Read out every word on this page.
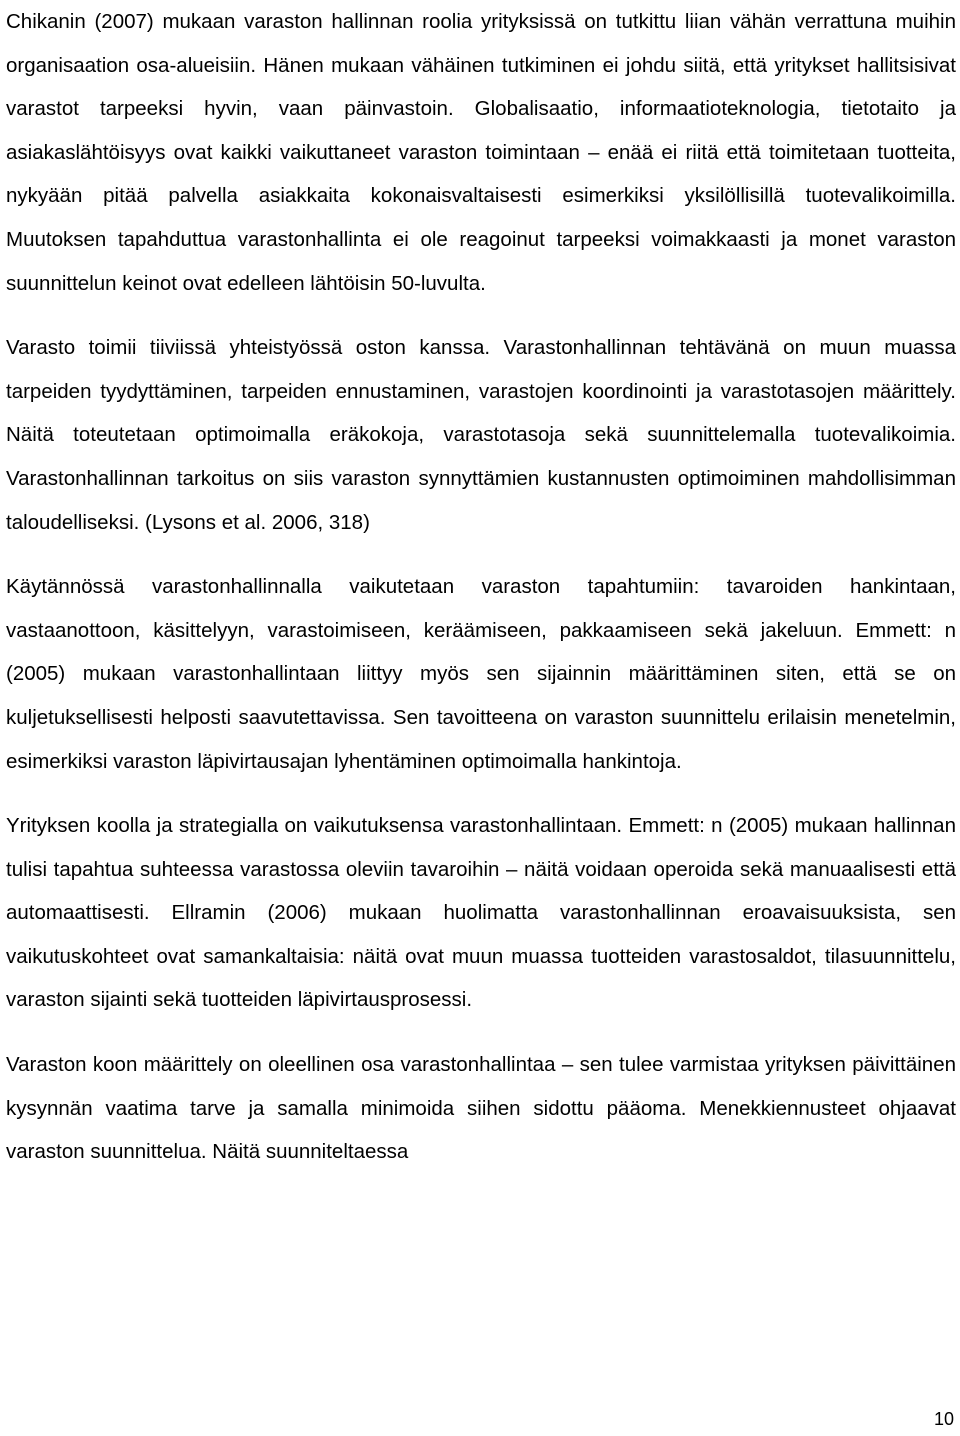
Chikanin (2007) mukaan varaston hallinnan roolia yrityksissä on tutkittu liian vähän verrattuna muihin organisaation osa-alueisiin. Hänen mukaan vähäinen tutkiminen ei johdu siitä, että yritykset hallitsisivat varastot tarpeeksi hyvin, vaan päinvastoin. Globalisaatio, informaatioteknologia, tietotaito ja asiakaslähtöisyys ovat kaikki vaikuttaneet varaston toimintaan – enää ei riitä että toimitetaan tuotteita, nykyään pitää palvella asiakkaita kokonaisvaltaisesti esimerkiksi yksilöllisillä tuotevalikoimilla. Muutoksen tapahduttua varastonhallinta ei ole reagoinut tarpeeksi voimakkaasti ja monet varaston suunnittelun keinot ovat edelleen lähtöisin 50-luvulta.

Varasto toimii tiiviissä yhteistyössä oston kanssa. Varastonhallinnan tehtävänä on muun muassa tarpeiden tyydyttäminen, tarpeiden ennustaminen, varastojen koordinointi ja varastotasojen määrittely. Näitä toteutetaan optimoimalla eräkokoja, varastotasoja sekä suunnittelemalla tuotevalikoimia. Varastonhallinnan tarkoitus on siis varaston synnyttämien kustannusten optimoiminen mahdollisimman taloudelliseksi. (Lysons et al. 2006, 318)

Käytännössä varastonhallinnalla vaikutetaan varaston tapahtumiin: tavaroiden hankintaan, vastaanottoon, käsittelyyn, varastoimiseen, keräämiseen, pakkaamiseen sekä jakeluun. Emmett: n (2005) mukaan varastonhallintaan liittyy myös sen sijainnin määrittäminen siten, että se on kuljetuksellisesti helposti saavutettavissa. Sen tavoitteena on varaston suunnittelu erilaisin menetelmin, esimerkiksi varaston läpivirtausajan lyhentäminen optimoimalla hankintoja.

Yrityksen koolla ja strategialla on vaikutuksensa varastonhallintaan. Emmett: n (2005) mukaan hallinnan tulisi tapahtua suhteessa varastossa oleviin tavaroihin – näitä voidaan operoida sekä manuaalisesti että automaattisesti. Ellramin (2006) mukaan huolimatta varastonhallinnan eroavaisuuksista, sen vaikutuskohteet ovat samankaltaisia: näitä ovat muun muassa tuotteiden varastosaldot, tilasuunnittelu, varaston sijainti sekä tuotteiden läpivirtausprosessi.

Varaston koon määrittely on oleellinen osa varastonhallintaa – sen tulee varmistaa yrityksen päivittäinen kysynnän vaatima tarve ja samalla minimoida siihen sidottu pääoma. Menekkiennusteet ohjaavat varaston suunnittelua. Näitä suunniteltaessa

10
